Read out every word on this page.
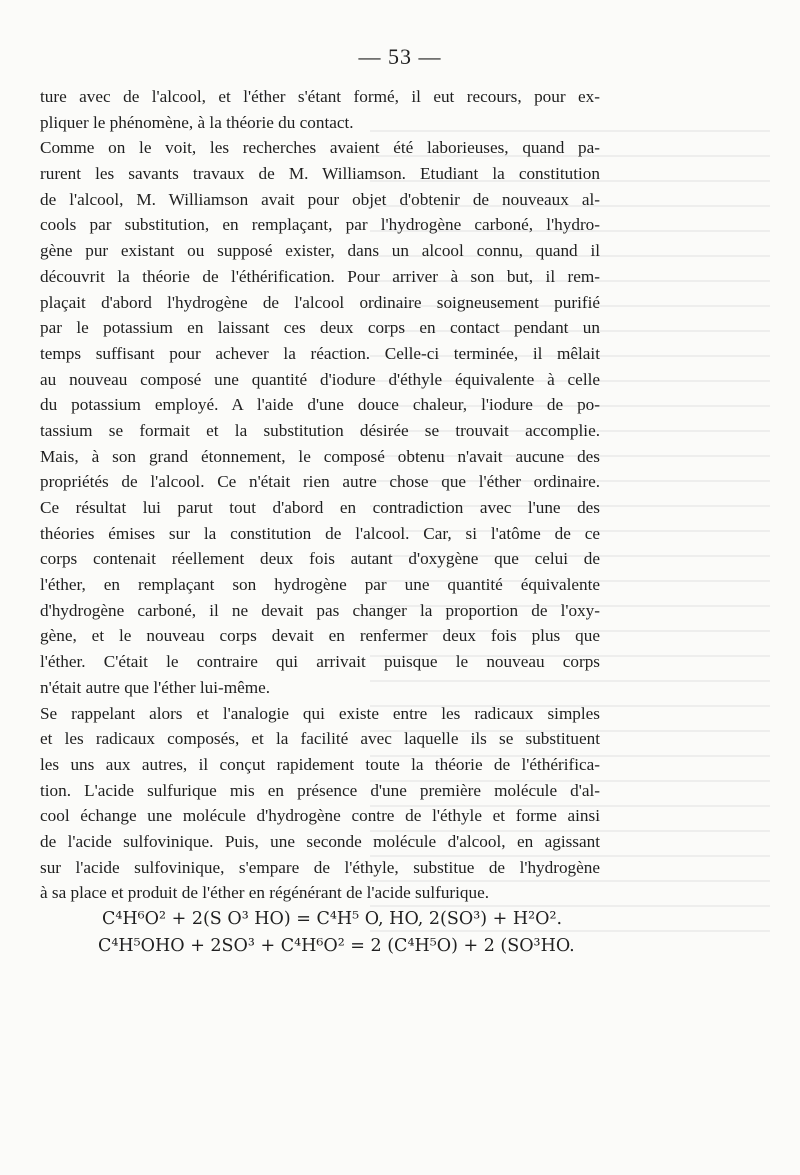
— 53 —
ture avec de l'alcool, et l'éther s'étant formé, il eut recours, pour ex-
pliquer le phénomène, à la théorie du contact.
Comme on le voit, les recherches avaient été laborieuses, quand pa-
rurent les savants travaux de M. Williamson. Etudiant la constitution
de l'alcool, M. Williamson avait pour objet d'obtenir de nouveaux al-
cools par substitution, en remplaçant, par l'hydrogène carboné, l'hydro-
gène pur existant ou supposé exister, dans un alcool connu, quand il
découvrit la théorie de l'éthérification. Pour arriver à son but, il rem-
plaçait d'abord l'hydrogène de l'alcool ordinaire soigneusement purifié
par le potassium en laissant ces deux corps en contact pendant un
temps suffisant pour achever la réaction. Celle-ci terminée, il mêlait
au nouveau composé une quantité d'iodure d'éthyle équivalente à celle
du potassium employé. A l'aide d'une douce chaleur, l'iodure de po-
tassium se formait et la substitution désirée se trouvait accomplie.
Mais, à son grand étonnement, le composé obtenu n'avait aucune des
propriétés de l'alcool. Ce n'était rien autre chose que l'éther ordinaire.
Ce résultat lui parut tout d'abord en contradiction avec l'une des
théories émises sur la constitution de l'alcool. Car, si l'atôme de ce
corps contenait réellement deux fois autant d'oxygène que celui de
l'éther, en remplaçant son hydrogène par une quantité équivalente
d'hydrogène carboné, il ne devait pas changer la proportion de l'oxy-
gène, et le nouveau corps devait en renfermer deux fois plus que
l'éther. C'était le contraire qui arrivait puisque le nouveau corps
n'était autre que l'éther lui-même.
Se rappelant alors et l'analogie qui existe entre les radicaux simples
et les radicaux composés, et la facilité avec laquelle ils se substituent
les uns aux autres, il conçut rapidement toute la théorie de l'éthérifica-
tion. L'acide sulfurique mis en présence d'une première molécule d'al-
cool échange une molécule d'hydrogène contre de l'éthyle et forme ainsi
de l'acide sulfovinique. Puis, une seconde molécule d'alcool, en agissant
sur l'acide sulfovinique, s'empare de l'éthyle, substitue de l'hydrogène
à sa place et produit de l'éther en régénérant de l'acide sulfurique.
C⁴H⁶O² + 2(S O³ HO) = C⁴H⁵ O, HO, 2(SO³) + H²O².
C⁴H⁵OHO + 2SO³ + C⁴H⁶O² = 2 (C⁴H⁵O) + 2 (SO³HO.
